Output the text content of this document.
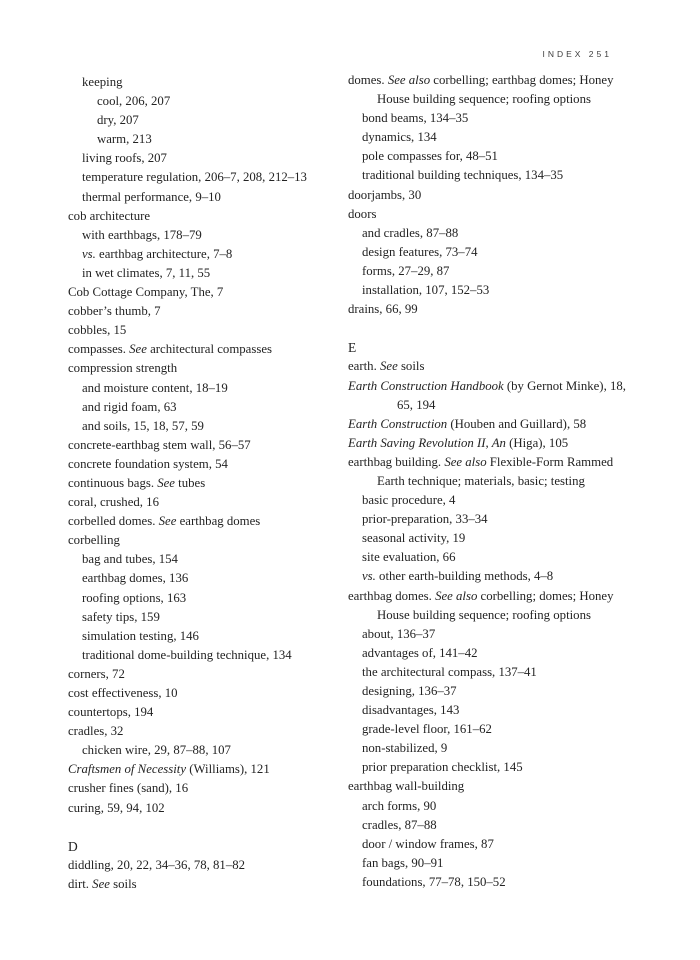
INDEX 251
keeping
cool, 206, 207
dry, 207
warm, 213
living roofs, 207
temperature regulation, 206–7, 208, 212–13
thermal performance, 9–10
cob architecture
with earthbags, 178–79
vs. earthbag architecture, 7–8
in wet climates, 7, 11, 55
Cob Cottage Company, The, 7
cobber’s thumb, 7
cobbles, 15
compasses. See architectural compasses
compression strength
and moisture content, 18–19
and rigid foam, 63
and soils, 15, 18, 57, 59
concrete-earthbag stem wall, 56–57
concrete foundation system, 54
continuous bags. See tubes
coral, crushed, 16
corbelled domes. See earthbag domes
corbelling
bag and tubes, 154
earthbag domes, 136
roofing options, 163
safety tips, 159
simulation testing, 146
traditional dome-building technique, 134
corners, 72
cost effectiveness, 10
countertops, 194
cradles, 32
chicken wire, 29, 87–88, 107
Craftsmen of Necessity (Williams), 121
crusher fines (sand), 16
curing, 59, 94, 102
D
diddling, 20, 22, 34–36, 78, 81–82
dirt. See soils
domes. See also corbelling; earthbag domes; Honey
House building sequence; roofing options
bond beams, 134–35
dynamics, 134
pole compasses for, 48–51
traditional building techniques, 134–35
doorjambs, 30
doors
and cradles, 87–88
design features, 73–74
forms, 27–29, 87
installation, 107, 152–53
drains, 66, 99
E
earth. See soils
Earth Construction Handbook (by Gernot Minke), 18,
65, 194
Earth Construction (Houben and Guillard), 58
Earth Saving Revolution II, An (Higa), 105
earthbag building. See also Flexible-Form Rammed
Earth technique; materials, basic; testing
basic procedure, 4
prior-preparation, 33–34
seasonal activity, 19
site evaluation, 66
vs. other earth-building methods, 4–8
earthbag domes. See also corbelling; domes; Honey
House building sequence; roofing options
about, 136–37
advantages of, 141–42
the architectural compass, 137–41
designing, 136–37
disadvantages, 143
grade-level floor, 161–62
non-stabilized, 9
prior preparation checklist, 145
earthbag wall-building
arch forms, 90
cradles, 87–88
door / window frames, 87
fan bags, 90–91
foundations, 77–78, 150–52
